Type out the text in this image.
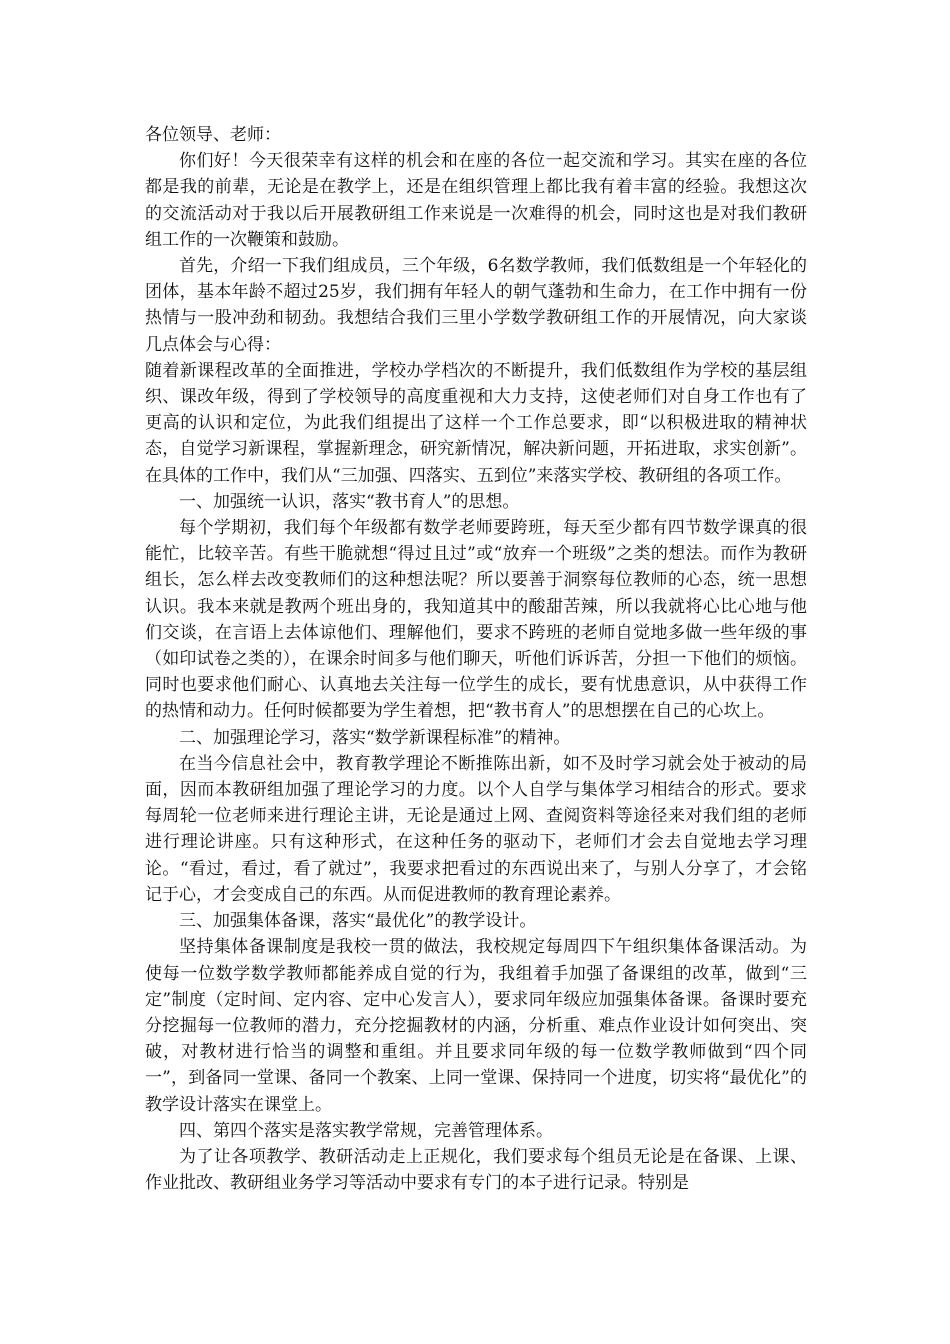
各位领导、老师：

你们好！今天很荣幸有这样的机会和在座的各位一起交流和学习。其实在座的各位都是我的前辈，无论是在教学上，还是在组织管理上都比我有着丰富的经验。我想这次的交流活动对于我以后开展教研组工作来说是一次难得的机会，同时这也是对我们教研组工作的一次鞭策和鼓励。

首先，介绍一下我们组成员，三个年级，6名数学教师，我们低数组是一个年轻化的团体，基本年龄不超过25岁，我们拥有年轻人的朝气蓬勃和生命力，在工作中拥有一份热情与一股冲劲和韧劲。我想结合我们三里小学数学教研组工作的开展情况，向大家谈几点体会与心得：

随着新课程改革的全面推进，学校办学档次的不断提升，我们低数组作为学校的基层组织、课改年级，得到了学校领导的高度重视和大力支持，这使老师们对自身工作也有了更高的认识和定位，为此我们组提出了这样一个工作总要求，即“以积极进取的精神状态，自觉学习新课程，掌握新理念，研究新情况，解决新问题，开拓进取，求实创新”。在具体的工作中，我们从“三加强、四落实、五到位”来落实学校、教研组的各项工作。

一、加强统一认识，落实“教书育人”的思想。

每个学期初，我们每个年级都有数学老师要跨班，每天至少都有四节数学课真的很能忙，比较辛苦。有些干脆就想“得过且过”或“放弃一个班级”之类的想法。而作为教研组长，怎么样去改变教师们的这种想法呢？所以要善于洞察每位教师的心态，统一思想认识。我本来就是教两个班出身的，我知道其中的酸甜苦辣，所以我就将心比心地与他们交谈，在言语上去体谅他们、理解他们，要求不跨班的老师自觉地多做一些年级的事（如印试卷之类的），在课余时间多与他们聊天，听他们诉诉苦，分担一下他们的烦恼。同时也要求他们耐心、认真地去关注每一位学生的成长，要有忧患意识，从中获得工作的热情和动力。任何时候都要为学生着想，把“教书育人”的思想摆在自己的心坎上。

二、加强理论学习，落实“数学新课程标准”的精神。

在当今信息社会中，教育教学理论不断推陈出新，如不及时学习就会处于被动的局面，因而本教研组加强了理论学习的力度。以个人自学与集体学习相结合的形式。要求每周轮一位老师来进行理论主讲，无论是通过上网、查阅资料等途径来对我们组的老师进行理论讲座。只有这种形式，在这种任务的驱动下，老师们才会去自觉地去学习理论。“看过，看过，看了就过”，我要求把看过的东西说出来了，与别人分享了，才会铭记于心，才会变成自己的东西。从而促进教师的教育理论素养。

三、加强集体备课，落实“最优化”的教学设计。

坚持集体备课制度是我校一贯的做法，我校规定每周四下午组织集体备课活动。为使每一位数学数学教师都能养成自觉的行为，我组着手加强了备课组的改革，做到“三定”制度（定时间、定内容、定中心发言人），要求同年级应加强集体备课。备课时要充分挖掘每一位教师的潜力，充分挖掘教材的内涵，分析重、难点作业设计如何突出、突破，对教材进行恰当的调整和重组。并且要求同年级的每一位数学教师做到“四个同一”，到备同一堂课、备同一个教案、上同一堂课、保持同一个进度，切实将“最优化”的教学设计落实在课堂上。

四、第四个落实是落实教学常规，完善管理体系。

为了让各项教学、教研活动走上正规化，我们要求每个组员无论是在备课、上课、作业批改、教研组业务学习等活动中要求有专门的本子进行记录。特别是
